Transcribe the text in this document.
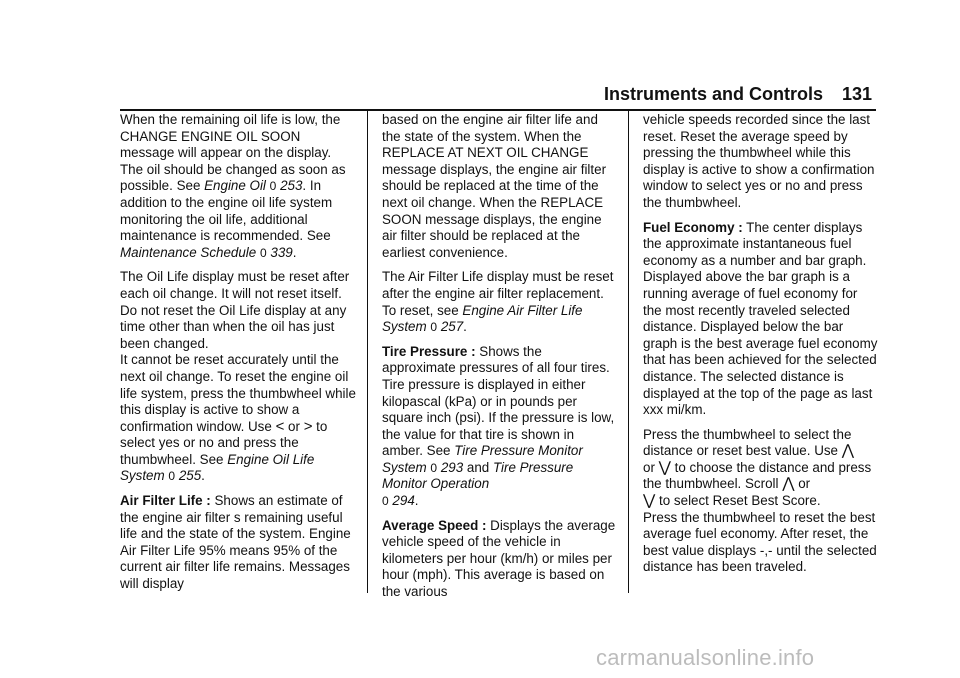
Instruments and Controls 131

When the remaining oil life is low, the CHANGE ENGINE OIL SOON message will appear on the display. The oil should be changed as soon as possible. See Engine Oil 0 253. In addition to the engine oil life system monitoring the oil life, additional maintenance is recommended. See Maintenance Schedule 0 339.

The Oil Life display must be reset after each oil change. It will not reset itself. Do not reset the Oil Life display at any time other than when the oil has just been changed.
It cannot be reset accurately until the next oil change. To reset the engine oil life system, press the thumbwheel while this display is active to show a confirmation window. Use < or > to select yes or no and press the thumbwheel. See Engine Oil Life System 0 255.

Air Filter Life : Shows an estimate of the engine air filter s remaining useful life and the state of the system. Engine Air Filter Life 95% means 95% of the current air filter life remains. Messages will display

based on the engine air filter life and the state of the system. When the REPLACE AT NEXT OIL CHANGE message displays, the engine air filter should be replaced at the time of the next oil change. When the REPLACE SOON message displays, the engine air filter should be replaced at the earliest convenience.

The Air Filter Life display must be reset after the engine air filter replacement. To reset, see Engine Air Filter Life System 0 257.

Tire Pressure : Shows the approximate pressures of all four tires. Tire pressure is displayed in either kilopascal (kPa) or in pounds per square inch (psi). If the pressure is low, the value for that tire is shown in amber. See Tire Pressure Monitor System 0 293 and Tire Pressure Monitor Operation
0 294.

Average Speed : Displays the average vehicle speed of the vehicle in kilometers per hour (km/h) or miles per hour (mph). This average is based on the various

vehicle speeds recorded since the last reset. Reset the average speed by pressing the thumbwheel while this display is active to show a confirmation window to select yes or no and press the thumbwheel.

Fuel Economy : The center displays the approximate instantaneous fuel economy as a number and bar graph. Displayed above the bar graph is a running average of fuel economy for the most recently traveled selected distance. Displayed below the bar graph is the best average fuel economy that has been achieved for the selected distance. The selected distance is displayed at the top of the page as last xxx mi/km.

Press the thumbwheel to select the distance or reset best value. Use ⋀
or ⋁ to choose the distance and press the thumbwheel. Scroll ⋀ or
⋁ to select Reset Best Score.
Press the thumbwheel to reset the best average fuel economy. After reset, the best value displays -,- until the selected distance has been traveled.

carmanualsonline.info
